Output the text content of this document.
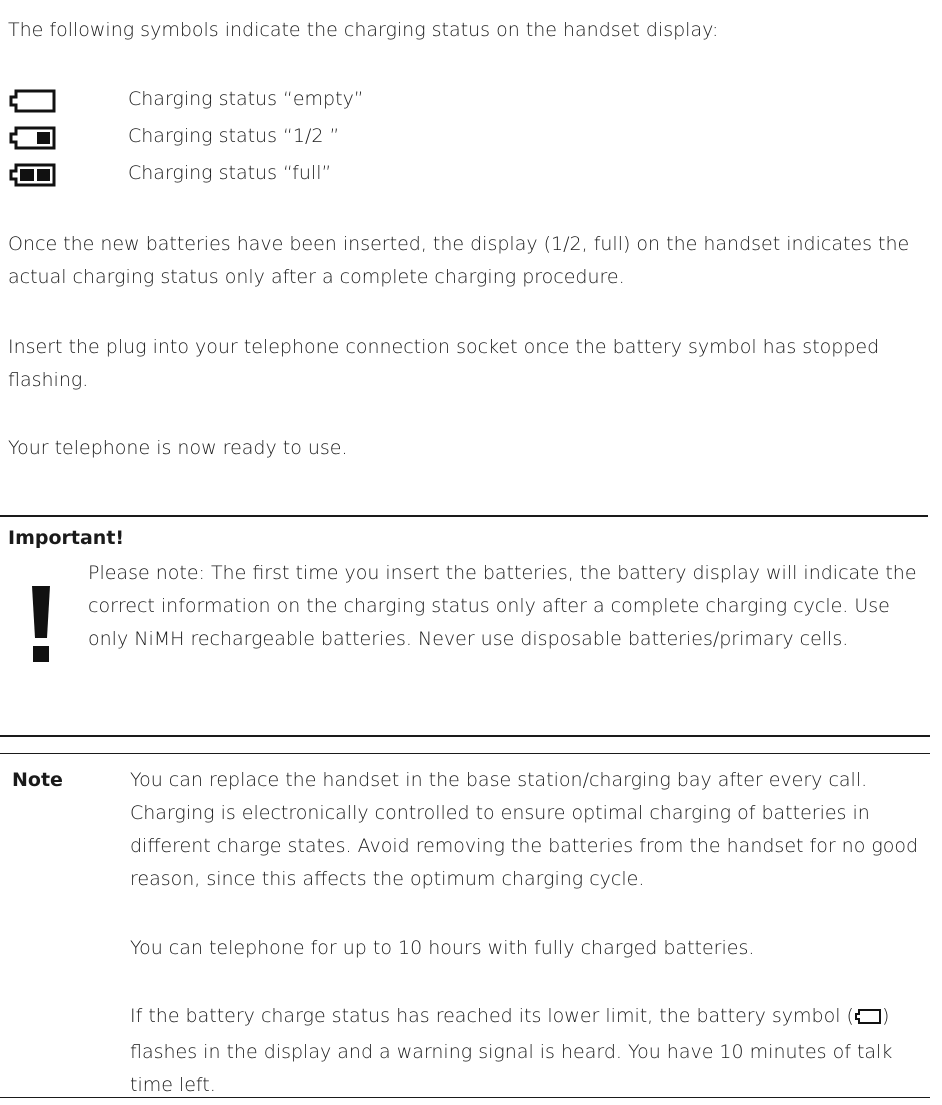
The following symbols indicate the charging status on the handset display:

Charging status “empty”
Charging status “1/2 ”
Charging status “full”

Once the new batteries have been inserted, the display (1/2, full) on the handset indicates the actual charging status only after a complete charging procedure.

Insert the plug into your telephone connection socket once the battery symbol has stopped flashing.

Your telephone is now ready to use.

Important!

Please note: The first time you insert the batteries, the battery display will indicate the correct information on the charging status only after a complete charging cycle. Use only NiMH rechargeable batteries. Never use disposable batteries/primary cells.

Note	You can replace the handset in the base station/charging bay after every call. Charging is electronically controlled to ensure optimal charging of batteries in different charge states. Avoid removing the batteries from the handset for no good reason, since this affects the optimum charging cycle.

You can telephone for up to 10 hours with fully charged batteries.

If the battery charge status has reached its lower limit, the battery symbol ( ) flashes in the display and a warning signal is heard. You have 10 minutes of talk time left.
